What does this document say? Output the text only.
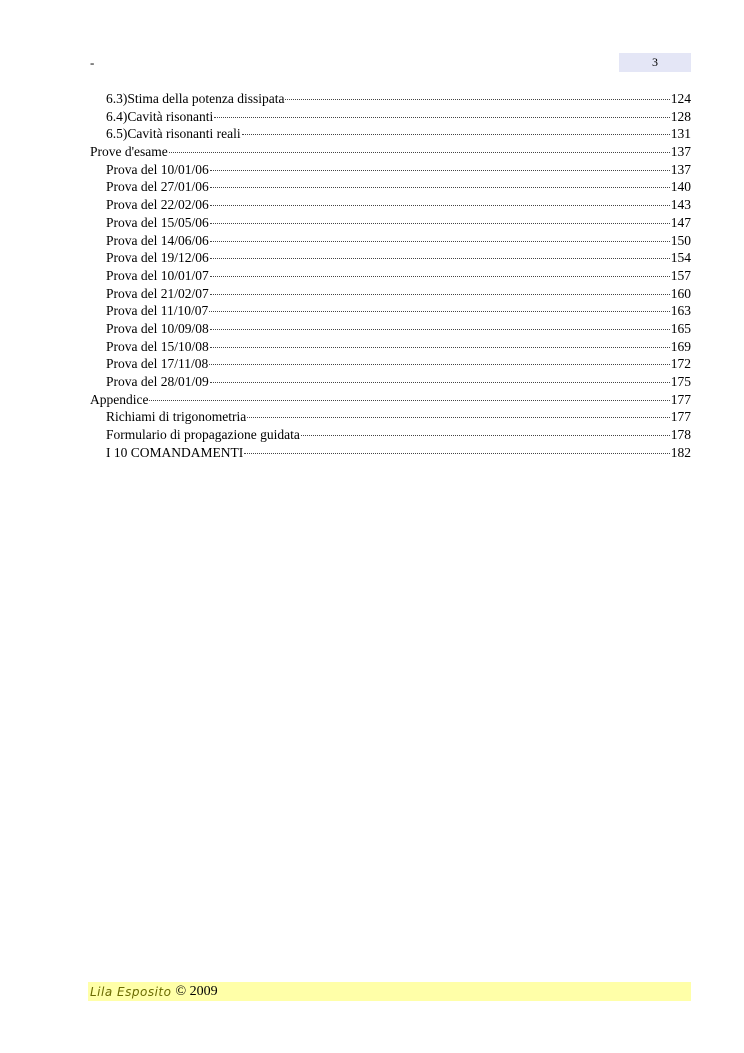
-	3
6.3)Stima della potenza dissipata	124
6.4)Cavità risonanti	128
6.5)Cavità risonanti reali	131
Prove d'esame	137
Prova del 10/01/06	137
Prova del 27/01/06	140
Prova del 22/02/06	143
Prova del 15/05/06	147
Prova del 14/06/06	150
Prova del 19/12/06	154
Prova del 10/01/07	157
Prova del 21/02/07	160
Prova del 11/10/07	163
Prova del 10/09/08	165
Prova del 15/10/08	169
Prova del 17/11/08	172
Prova del 28/01/09	175
Appendice	177
Richiami di trigonometria	177
Formulario di propagazione guidata	178
I 10 COMANDAMENTI	182
Lila Esposito © 2009
